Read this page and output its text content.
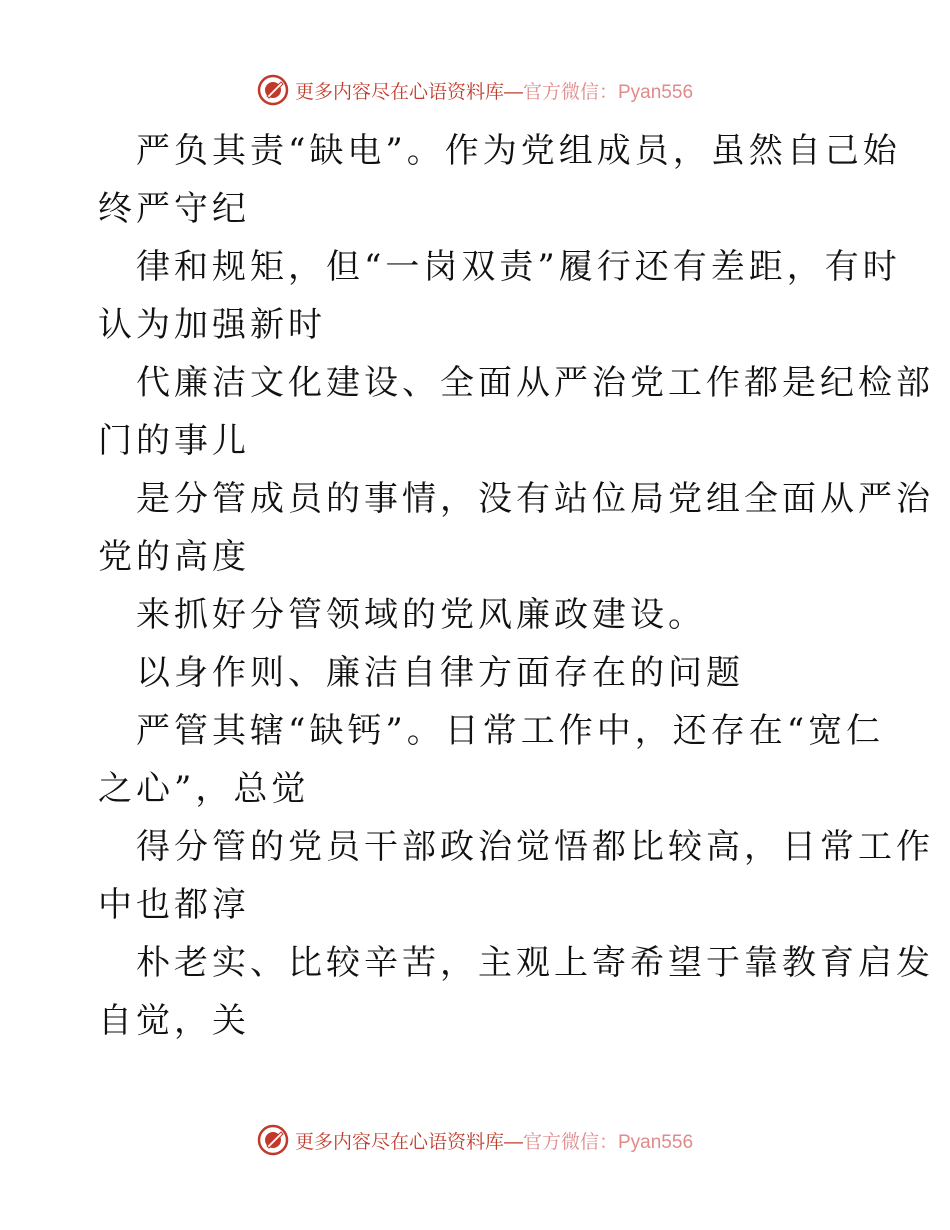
更多内容尽在心语资料库—官方微信：Pyan556
严负其责“缺电”。作为党组成员，虽然自己始
终严守纪
律和规矩，但“一岗双责”履行还有差距，有时
认为加强新时
代廉洁文化建设、全面从严治党工作都是纪检部
门的事儿
是分管成员的事情，没有站位局党组全面从严治
党的高度
来抓好分管领域的党风廉政建设。
以身作则、廉洁自律方面存在的问题
严管其辖“缺钙”。日常工作中，还存在“宽仁
之心”，总觉
得分管的党员干部政治觉悟都比较高，日常工作
中也都淳
朴老实、比较辛苦，主观上寄希望于靠教育启发
自觉，关
更多内容尽在心语资料库—官方微信：Pyan556
